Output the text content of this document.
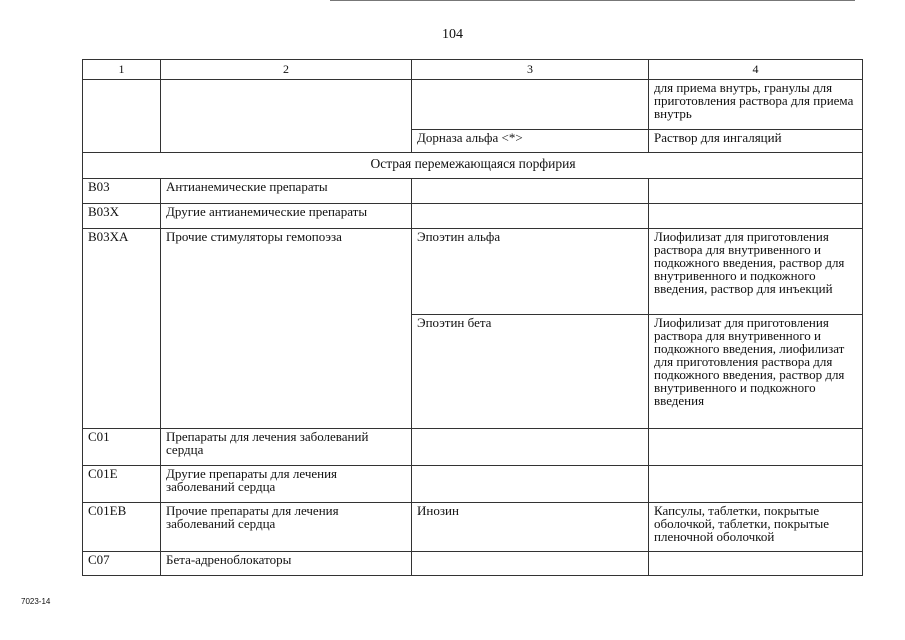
104
1	2	3	4
			для приема внутрь, гранулы для приготовления раствора для приема внутрь
		Дорназа альфа <*>	Раствор для ингаляций
Острая перемежающаяся порфирия			
B03	Антианемические препараты		
B03X	Другие антианемические препараты		
B03XA	Прочие стимуляторы гемопоэза	Эпоэтин альфа	Лиофилизат для приготовления раствора для внутривенного и подкожного введения, раствор для внутривенного и подкожного введения, раствор для инъекций
		Эпоэтин бета	Лиофилизат для приготовления раствора для внутривенного и подкожного введения, лиофилизат для приготовления раствора для подкожного введения, раствор для внутривенного и подкожного введения
C01	Препараты для лечения заболеваний сердца		
C01E	Другие препараты для лечения заболеваний сердца		
C01EB	Прочие препараты для лечения заболеваний сердца	Инозин	Капсулы, таблетки, покрытые оболочкой, таблетки, покрытые пленочной оболочкой
C07	Бета-адреноблокаторы		
7023-14
